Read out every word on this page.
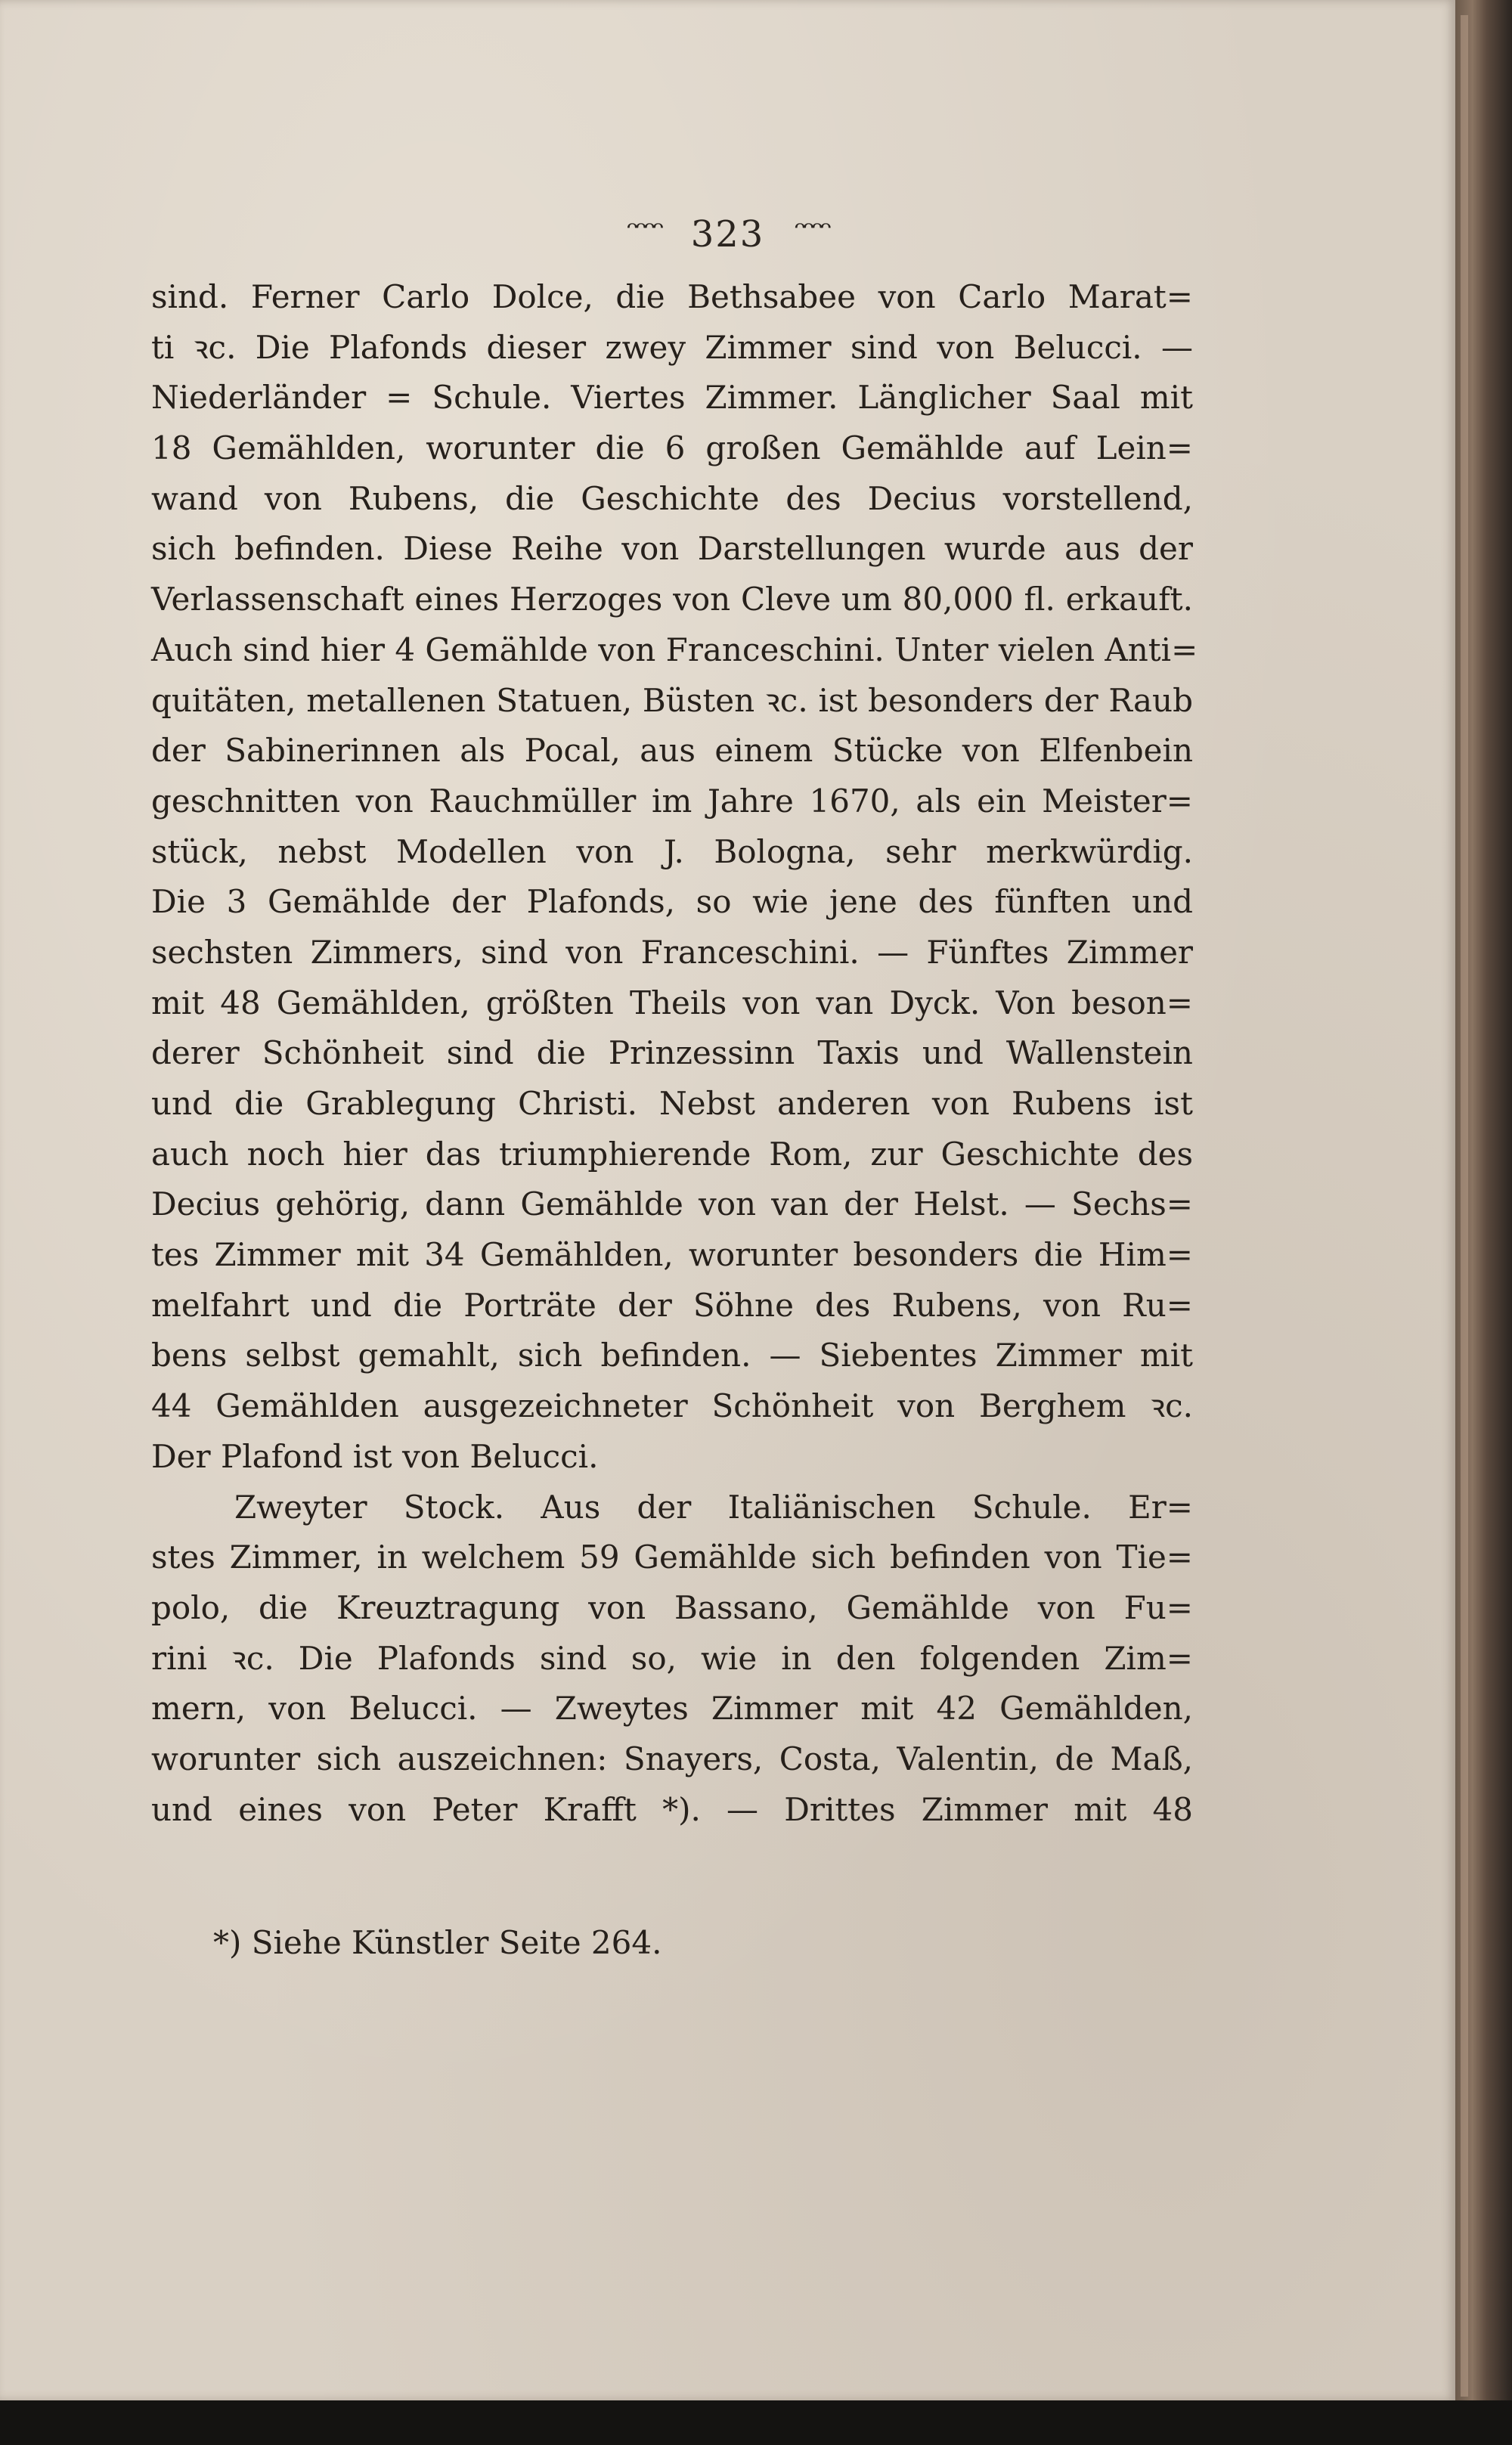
ᵔᵔᵔᵔ 323 ᵔᵔᵔᵔ
sind. Ferner Carlo Dolce, die Bethsabee von Carlo Marat=
ti ꝛc. Die Plafonds dieser zwey Zimmer sind von Belucci. —
Niederländer = Schule. Viertes Zimmer. Länglicher Saal mit
18 Gemählden, worunter die 6 großen Gemählde auf Lein=
wand von Rubens, die Geschichte des Decius vorstellend,
sich befinden. Diese Reihe von Darstellungen wurde aus der
Verlassenschaft eines Herzoges von Cleve um 80,000 fl. erkauft.
Auch sind hier 4 Gemählde von Franceschini. Unter vielen Anti=
quitäten, metallenen Statuen, Büsten ꝛc. ist besonders der Raub
der Sabinerinnen als Pocal, aus einem Stücke von Elfenbein
geschnitten von Rauchmüller im Jahre 1670, als ein Meister=
stück, nebst Modellen von J. Bologna, sehr merkwürdig.
Die 3 Gemählde der Plafonds, so wie jene des fünften und
sechsten Zimmers, sind von Franceschini. — Fünftes Zimmer
mit 48 Gemählden, größten Theils von van Dyck. Von beson=
derer Schönheit sind die Prinzessinn Taxis und Wallenstein
und die Grablegung Christi. Nebst anderen von Rubens ist
auch noch hier das triumphierende Rom, zur Geschichte des
Decius gehörig, dann Gemählde von van der Helst. — Sechs=
tes Zimmer mit 34 Gemählden, worunter besonders die Him=
melfahrt und die Porträte der Söhne des Rubens, von Ru=
bens selbst gemahlt, sich befinden. — Siebentes Zimmer mit
44 Gemählden ausgezeichneter Schönheit von Berghem ꝛc.
Der Plafond ist von Belucci.
Zweyter Stock. Aus der Italiänischen Schule. Er=
stes Zimmer, in welchem 59 Gemählde sich befinden von Tie=
polo, die Kreuztragung von Bassano, Gemählde von Fu=
rini ꝛc. Die Plafonds sind so, wie in den folgenden Zim=
mern, von Belucci. — Zweytes Zimmer mit 42 Gemählden,
worunter sich auszeichnen: Snayers, Costa, Valentin, de Maß,
und eines von Peter Krafft *). — Drittes Zimmer mit 48
*) Siehe Künstler Seite 264.
